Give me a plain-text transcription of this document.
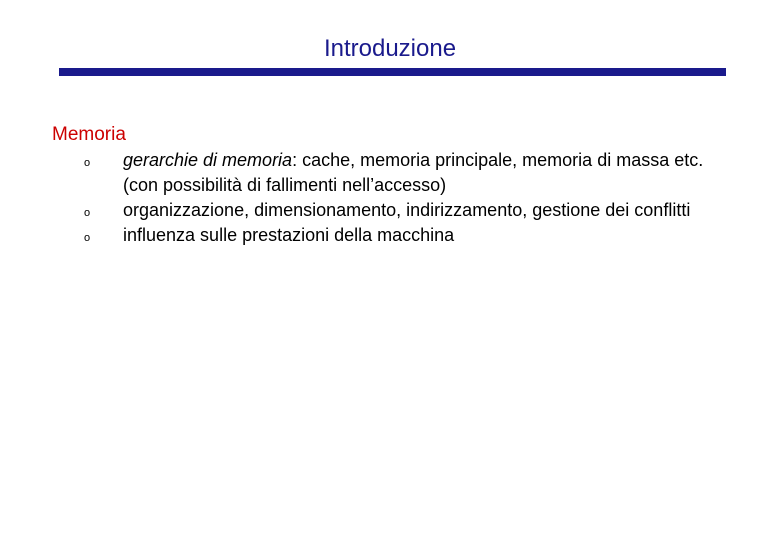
Introduzione
Memoria
o gerarchie di memoria: cache, memoria principale, memoria di massa etc. (con possibilità di fallimenti nell’accesso)
o organizzazione, dimensionamento, indirizzamento, gestione dei conflitti
o influenza sulle prestazioni della macchina
